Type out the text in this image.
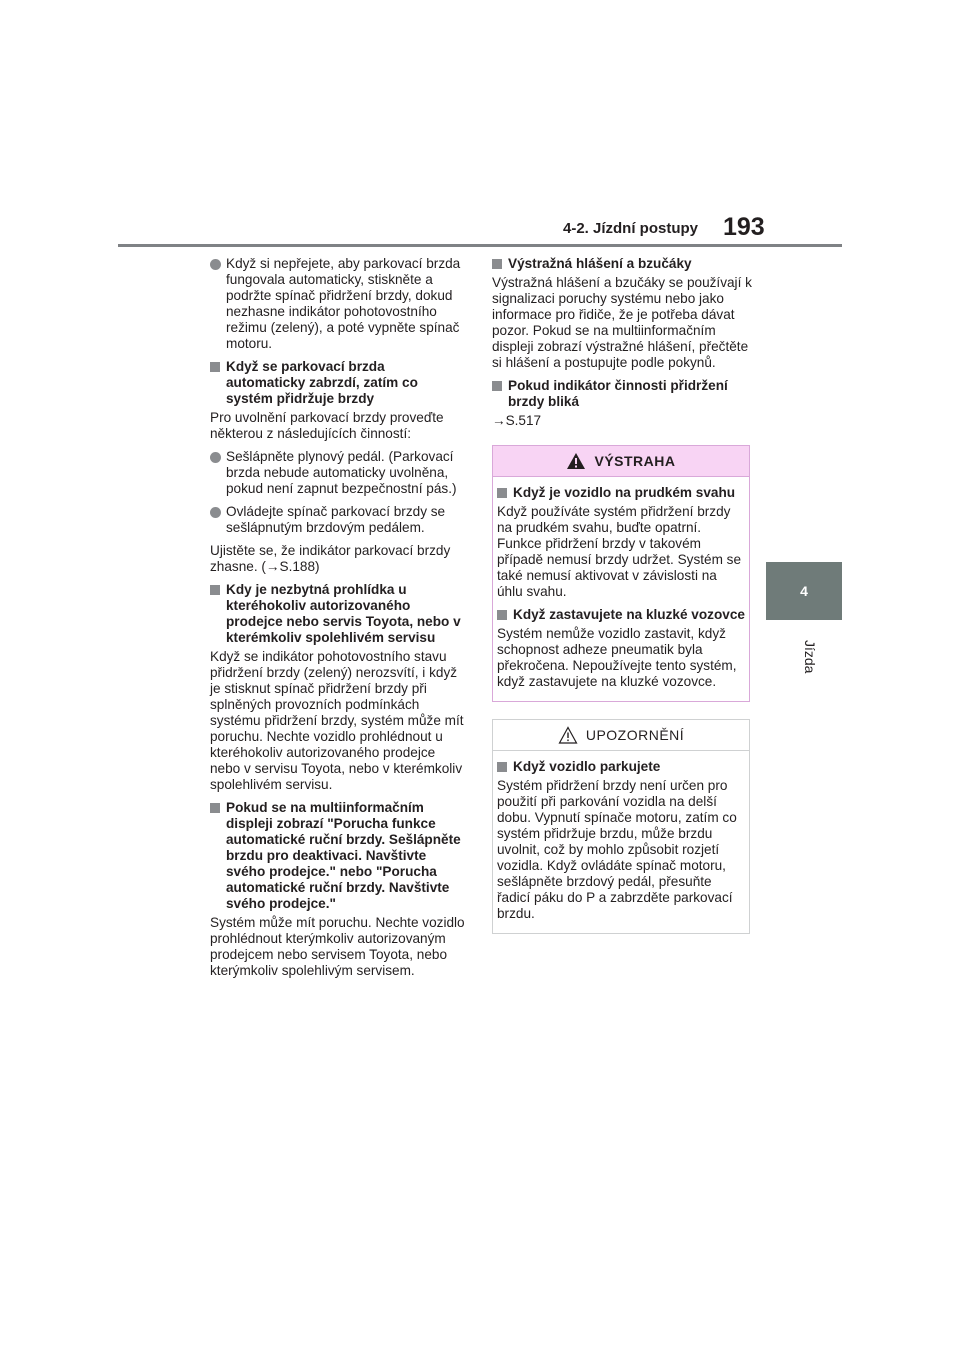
4-2. Jízdní postupy 193
4
Jízda
Když si nepřejete, aby parkovací brzda fungovala automaticky, stiskněte a podržte spínač přidržení brzdy, dokud nezhasne indikátor pohotovostního režimu (zelený), a poté vypněte spínač motoru.
Když se parkovací brzda automaticky zabrzdí, zatím co systém přidržuje brzdy
Pro uvolnění parkovací brzdy proveďte některou z následujících činností:
Sešlápněte plynový pedál. (Parkovací brzda nebude automaticky uvolněna, pokud není zapnut bezpečnostní pás.)
Ovládejte spínač parkovací brzdy se sešlápnutým brzdovým pedálem.
Ujistěte se, že indikátor parkovací brzdy zhasne. (→S.188)
Kdy je nezbytná prohlídka u kteréhokoliv autorizovaného prodejce nebo servis Toyota, nebo v kterémkoliv spolehlivém servisu
Když se indikátor pohotovostního stavu přidržení brzdy (zelený) nerozsvítí, i když je stisknut spínač přidržení brzdy při splněných provozních podmínkách systému přidržení brzdy, systém může mít poruchu. Nechte vozidlo prohlédnout u kteréhokoliv autorizovaného prodejce nebo v servisu Toyota, nebo v kterémkoliv spolehlivém servisu.
Pokud se na multiinformačním displeji zobrazí "Porucha funkce automatické ruční brzdy. Sešlápněte brzdu pro deaktivaci. Navštivte svého prodejce." nebo "Porucha automatické ruční brzdy. Navštivte svého prodejce."
Systém může mít poruchu. Nechte vozidlo prohlédnout kterýmkoliv autorizovaným prodejcem nebo servisem Toyota, nebo kterýmkoliv spolehlivým servisem.
Výstražná hlášení a bzučáky
Výstražná hlášení a bzučáky se používají k signalizaci poruchy systému nebo jako informace pro řidiče, že je potřeba dávat pozor. Pokud se na multiinformačním displeji zobrazí výstražné hlášení, přečtěte si hlášení a postupujte podle pokynů.
Pokud indikátor činnosti přidržení brzdy bliká
→S.517
VÝSTRAHA
Když je vozidlo na prudkém svahu
Když používáte systém přidržení brzdy na prudkém svahu, buďte opatrní. Funkce přidržení brzdy v takovém případě nemusí brzdy udržet. Systém se také nemusí aktivovat v závislosti na úhlu svahu.
Když zastavujete na kluzké vozovce
Systém nemůže vozidlo zastavit, když schopnost adheze pneumatik byla překročena. Nepoužívejte tento systém, když zastavujete na kluzké vozovce.
UPOZORNĚNÍ
Když vozidlo parkujete
Systém přidržení brzdy není určen pro použití při parkování vozidla na delší dobu. Vypnutí spínače motoru, zatím co systém přidržuje brzdu, může brzdu uvolnit, což by mohlo způsobit rozjetí vozidla. Když ovládáte spínač motoru, sešlápněte brzdový pedál, přesuňte řadicí páku do P a zabrzděte parkovací brzdu.
